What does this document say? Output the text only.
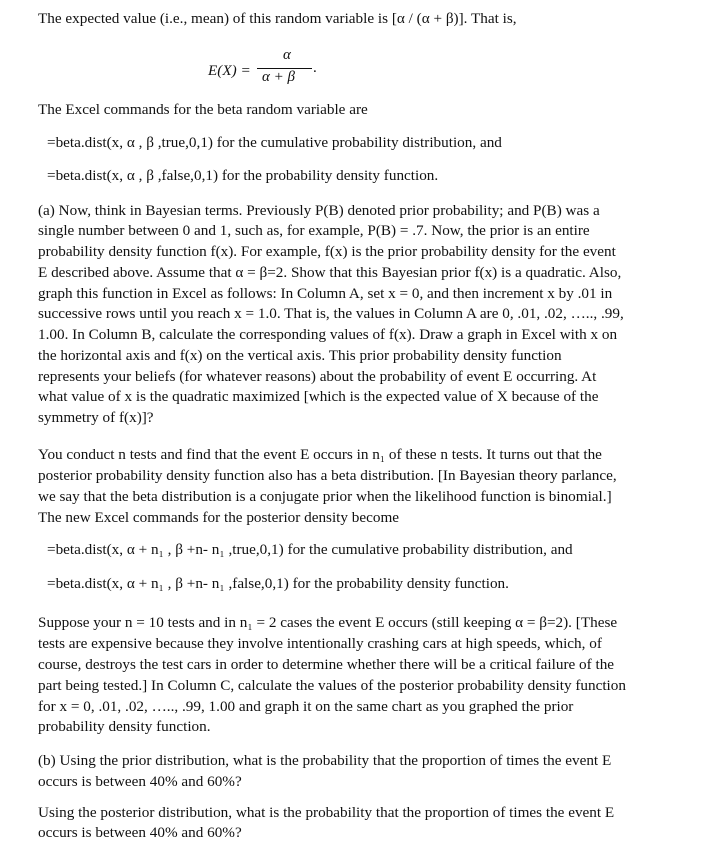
The expected value (i.e., mean) of this random variable is [α / (α + β)]. That is,
E(X) =
α
α + β
.
The Excel commands for the beta random variable are
=beta.dist(x, α , β ,true,0,1) for the cumulative probability distribution, and
=beta.dist(x, α , β ,false,0,1) for the probability density function.
(a) Now, think in Bayesian terms. Previously P(B) denoted prior probability; and P(B) was a
single number between 0 and 1, such as, for example, P(B) = .7. Now, the prior is an entire
probability density function f(x). For example, f(x) is the prior probability density for the event
E described above. Assume that α = β=2. Show that this Bayesian prior f(x) is a quadratic. Also,
graph this function in Excel as follows: In Column A, set x = 0, and then increment x by .01 in
successive rows until you reach x = 1.0. That is, the values in Column A are 0, .01, .02, ….., .99,
1.00. In Column B, calculate the corresponding values of f(x). Draw a graph in Excel with x on
the horizontal axis and f(x) on the vertical axis. This prior probability density function
represents your beliefs (for whatever reasons) about the probability of event E occurring. At
what value of x is the quadratic maximized [which is the expected value of X because of the
symmetry of f(x)]?
You conduct n tests and find that the event E occurs in n₁ of these n tests. It turns out that the
posterior probability density function also has a beta distribution. [In Bayesian theory parlance,
we say that the beta distribution is a conjugate prior when the likelihood function is binomial.]
The new Excel commands for the posterior density become
=beta.dist(x, α + n₁ , β +n- n₁ ,true,0,1) for the cumulative probability distribution, and
=beta.dist(x, α + n₁ , β +n- n₁ ,false,0,1) for the probability density function.
Suppose your n = 10 tests and in n₁ = 2 cases the event E occurs (still keeping α = β=2). [These
tests are expensive because they involve intentionally crashing cars at high speeds, which, of
course, destroys the test cars in order to determine whether there will be a critical failure of the
part being tested.] In Column C, calculate the values of the posterior probability density function
for x = 0, .01, .02, ….., .99, 1.00 and graph it on the same chart as you graphed the prior
probability density function.
(b) Using the prior distribution, what is the probability that the proportion of times the event E
occurs is between 40% and 60%?
Using the posterior distribution, what is the probability that the proportion of times the event E
occurs is between 40% and 60%?
